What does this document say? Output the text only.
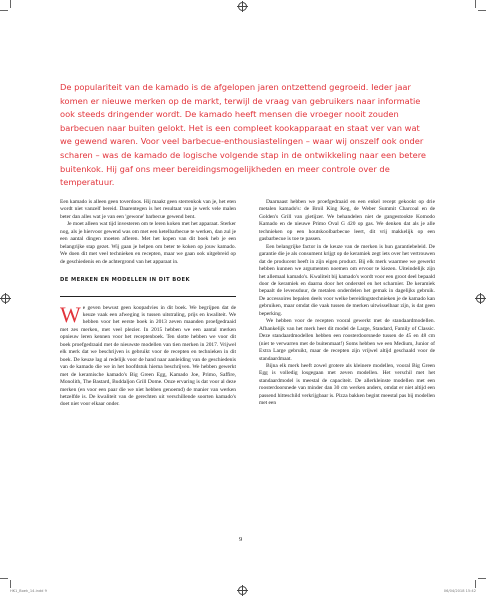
De populariteit van de kamado is de afgelopen jaren ontzettend gegroeid. Ieder jaar komen er nieuwe merken op de markt, terwijl de vraag van gebruikers naar informatie ook steeds dringender wordt. De kamado heeft mensen die vroeger nooit zouden barbecuen naar buiten gelokt. Het is een compleet kookapparaat en staat ver van wat we gewend waren. Voor veel barbecue-enthousiastelingen – waar wij onszelf ook onder scharen – was de kamado de logische volgende stap in de ontwikkeling naar een betere buitenkok. Hij gaf ons meer bereidingsmogelijkheden en meer controle over de temperatuur.

Een kamado is alleen geen toverdoos. Hij maakt geen sterrenkok van je, het eten wordt niet vanzelf bereid. Daarentegen is het resultaat van je werk vele malen beter dan alles wat je van een 'gewone' barbecue gewend bent.

Je moet alleen wat tijd investeren om te leren koken met het apparaat. Sterker nog, als je hiervoor gewend was om met een ketelbarbecue te werken, dan zul je een aantal dingen moeten afleren. Met het kopen van dit boek heb je een belangrijke stap gezet. Wij gaan je helpen om beter te koken op jouw kamado. We doen dit met veel technieken en recepten, maar we gaan ook uitgebreid op de geschiedenis en de achtergrond van het apparaat in.

DE MERKEN EN MODELLEN IN DIT BOEK

We geven bewust geen koopadvies in dit boek. We begrijpen dat de keuze vaak een afweging is tussen uitstraling, prijs en kwaliteit. We hebben voor het eerste boek in 2013 zeven maanden proefgedraaid met zes merken, met veel plezier. In 2015 hebben we een aantal merken opnieuw leren kennen voor het receptenboek. Ten slotte hebben we voor dit boek proefgedraaid met de nieuwste modellen van tien merken in 2017. Vrijwel elk merk dat we beschrijven is gebruikt voor de recepten en technieken in dit boek. De keuze lag al redelijk voor de hand naar aanleiding van de geschiedenis van de kamado die we in het hoofdstuk hierna beschrijven. We hebben gewerkt met de keramische kamado's Big Green Egg, Kamado Joe, Primo, Saffire, Monolith, The Bastard, Buddaljon Grill Dome. Onze ervaring is dat voor al deze merken (en voor een paar die we niet hebben genoemd) de manier van werken hetzelfde is. De kwaliteit van de gerechten uit verschillende soorten kamado's doet niet voor elkaar onder.

Daarnaast hebben we proefgedraaid en een enkel recept gekookt op drie metalen kamado's: de Broil King Keg, de Weber Summit Charcoal en de Golden's Grill van gietijzer. We behandelen niet de gangestookte Komodo Kamado en de nieuwe Primo Oval G 420 op gas. We denken dat als je alle technieken op een houtskoolbarbecue leert, dit vrij makkelijk op een gasbarbecue is toe te passen.

Een belangrijke factor in de keuze van de merken is hun garantiebeleid. De garantie die je als consument krijgt op de keramiek zegt iets over het vertrouwen dat de producent heeft in zijn eigen product. Bij elk merk waarmee we gewerkt hebben kunnen we argumenten noemen om ervoor te kiezen. Uiteindelijk zijn het allemaal kamado's. Kwaliteit bij kamado's wordt voor een groot deel bepaald door de keramiek en daarna door het onderstel en het scharnier. De keramiek bepaalt de levensduur, de metalen onderdelen het gemak in dagelijks gebruik. De accessoires bepalen deels voor welke bereidingstechnieken je de kamado kan gebruiken, maar omdat die vaak tussen de merken uitwisselbaar zijn, is dat geen beperking.

We hebben voor de recepten vooral gewerkt met de standaardmodellen. Afhankelijk van het merk heet dit model de Large, Standard, Family of Classic. Deze standaardmodellen hebben een roosterdoorsnede tussen de 45 en 48 cm (niet te verwarren met de buitenmaat!) Soms hebben we een Medium, Junior of Extra Large gebruikt, maar de recepten zijn vrijwel altijd geschaald voor de standaardmaat.

Bijna elk merk heeft zowel grotere als kleinere modellen, vooral Big Green Egg is volledig losgegaan met zeven modellen. Het verschil met het standaardmodel is meestal de capaciteit. De allerkleinste modellen met een roosterdoorsnede van minder dan 30 cm werken anders, omdat er niet altijd een passend hitteschild verkrijgbaar is. Pizza bakken begint meestal pas bij modellen met een

9
HK1_Boek_14.indd 9	06/04/2018 15:42
